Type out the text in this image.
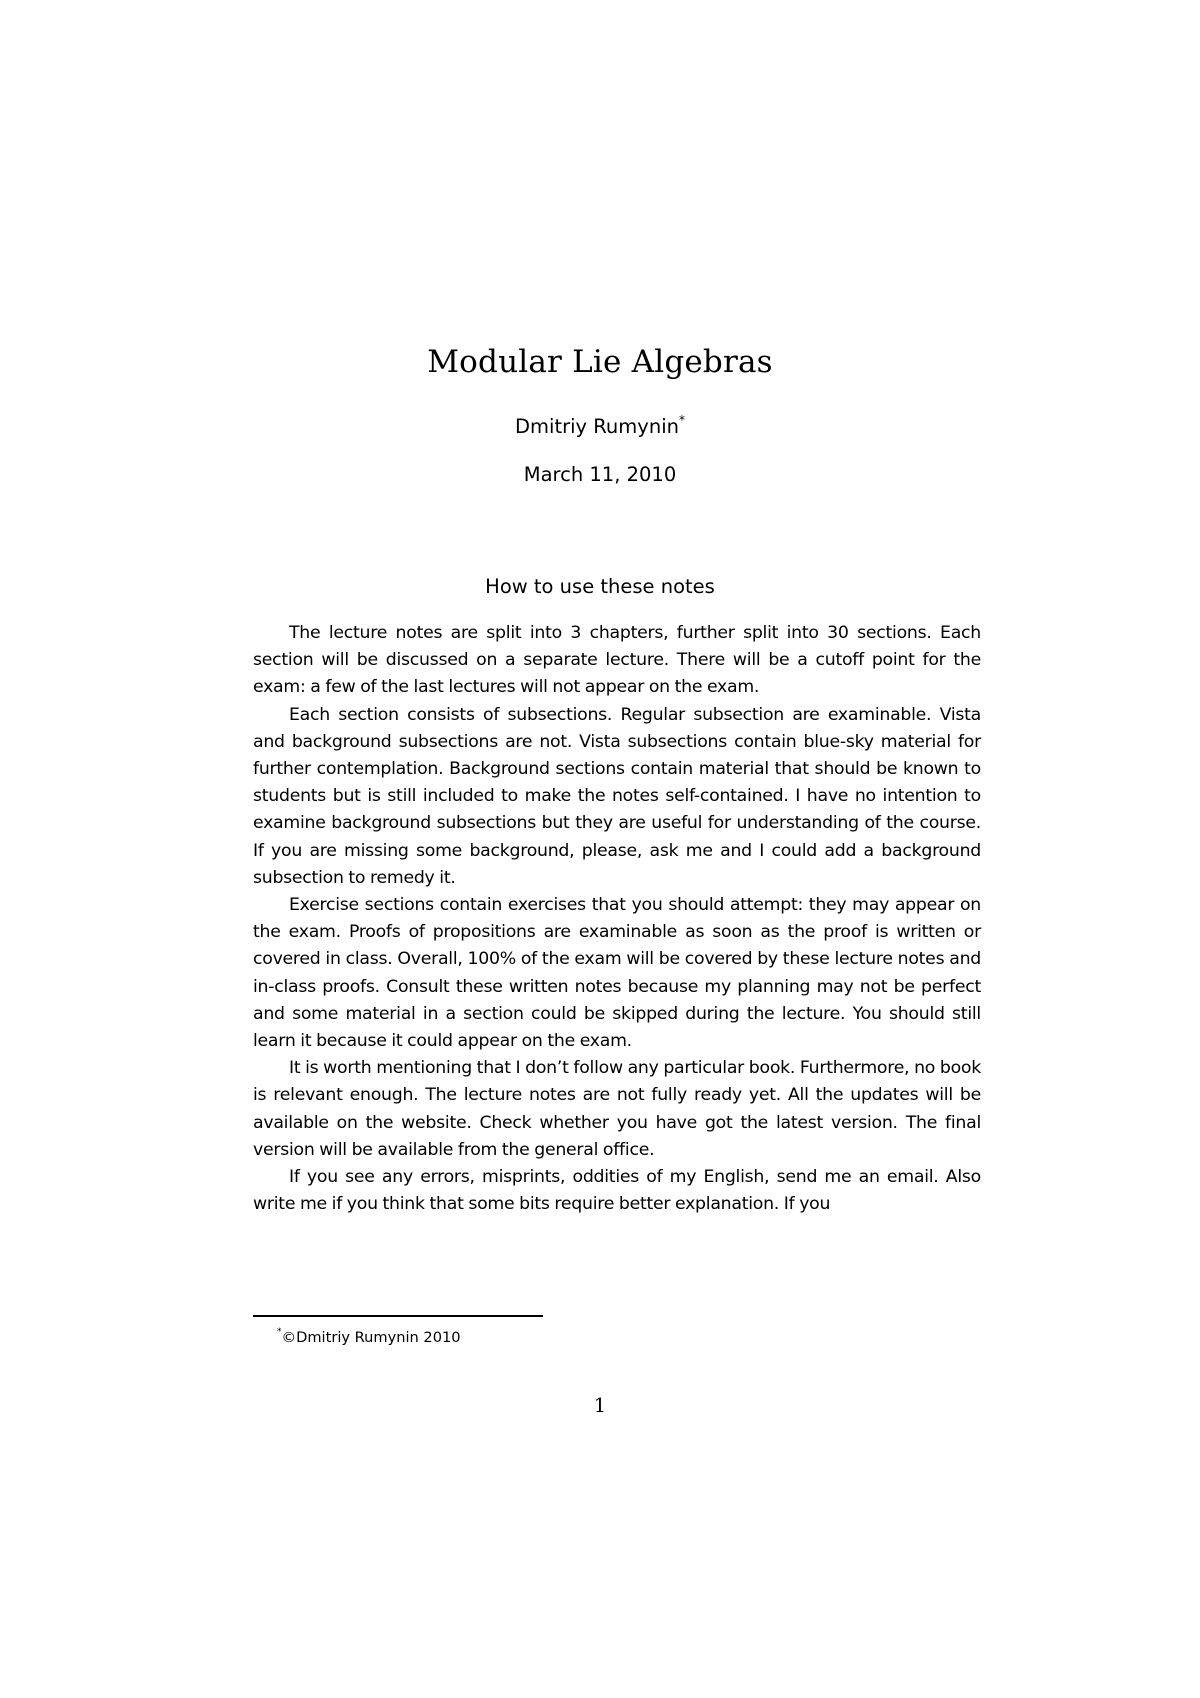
Modular Lie Algebras
Dmitriy Rumynin*
March 11, 2010
How to use these notes

The lecture notes are split into 3 chapters, further split into 30 sections. Each section will be discussed on a separate lecture. There will be a cutoff point for the exam: a few of the last lectures will not appear on the exam.

Each section consists of subsections. Regular subsection are examinable. Vista and background subsections are not. Vista subsections contain blue-sky material for further contemplation. Background sections contain material that should be known to students but is still included to make the notes self-contained. I have no intention to examine background subsections but they are useful for understanding of the course. If you are missing some background, please, ask me and I could add a background subsection to remedy it.

Exercise sections contain exercises that you should attempt: they may appear on the exam. Proofs of propositions are examinable as soon as the proof is written or covered in class. Overall, 100% of the exam will be covered by these lecture notes and in-class proofs. Consult these written notes because my planning may not be perfect and some material in a section could be skipped during the lecture. You should still learn it because it could appear on the exam.

It is worth mentioning that I don’t follow any particular book. Furthermore, no book is relevant enough. The lecture notes are not fully ready yet. All the updates will be available on the website. Check whether you have got the latest version. The final version will be available from the general office.

If you see any errors, misprints, oddities of my English, send me an email. Also write me if you think that some bits require better explanation. If you

*©Dmitriy Rumynin 2010
1
